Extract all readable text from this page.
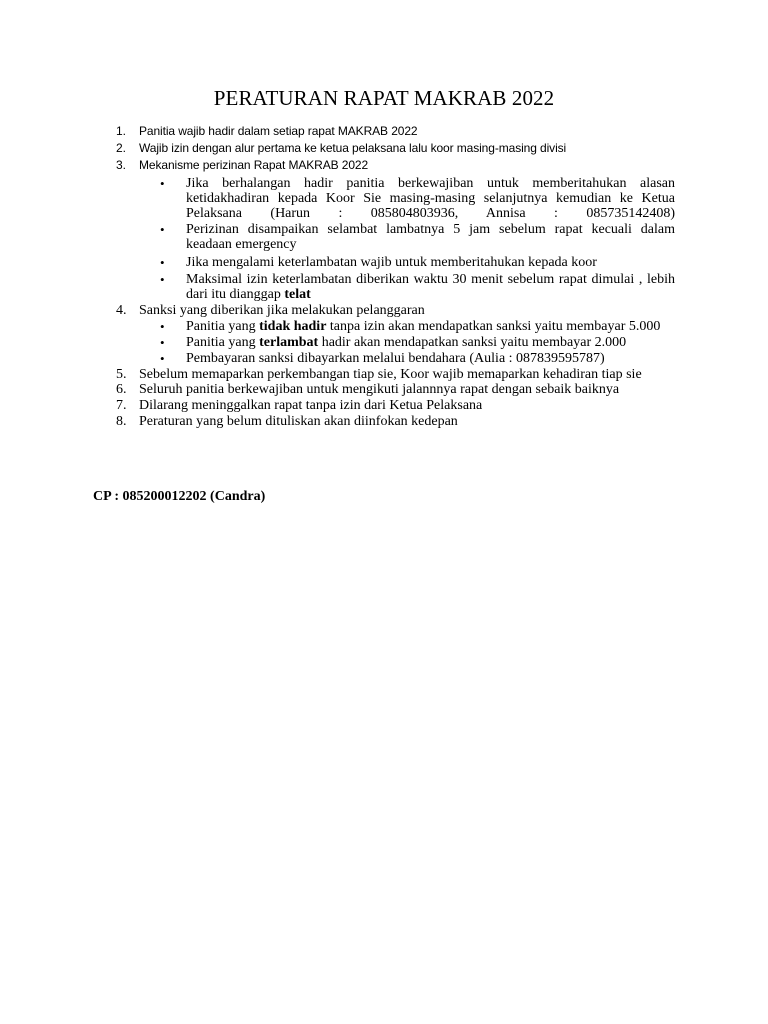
PERATURAN RAPAT MAKRAB 2022
1. Panitia wajib hadir dalam setiap rapat MAKRAB 2022
2. Wajib izin dengan alur pertama ke ketua pelaksana lalu koor masing-masing divisi
3. Mekanisme perizinan Rapat MAKRAB 2022
• Jika berhalangan hadir panitia berkewajiban untuk memberitahukan alasan ketidakhadiran kepada Koor Sie masing-masing selanjutnya kemudian ke Ketua Pelaksana (Harun : 085804803936, Annisa : 085735142408)
• Perizinan disampaikan selambat lambatnya 5 jam sebelum rapat kecuali dalam keadaan emergency
• Jika mengalami keterlambatan wajib untuk memberitahukan kepada koor
• Maksimal izin keterlambatan diberikan waktu 30 menit sebelum rapat dimulai , lebih dari itu dianggap telat
4. Sanksi yang diberikan jika melakukan pelanggaran
• Panitia yang tidak hadir tanpa izin akan mendapatkan sanksi yaitu membayar 5.000
• Panitia yang terlambat hadir akan mendapatkan sanksi yaitu membayar 2.000
• Pembayaran sanksi dibayarkan melalui bendahara (Aulia : 087839595787)
5. Sebelum memaparkan perkembangan tiap sie, Koor wajib memaparkan kehadiran tiap sie
6. Seluruh panitia berkewajiban untuk mengikuti jalannnya rapat dengan sebaik baiknya
7. Dilarang meninggalkan rapat tanpa izin dari Ketua Pelaksana
8. Peraturan yang belum dituliskan akan diinfokan kedepan
CP : 085200012202 (Candra)
